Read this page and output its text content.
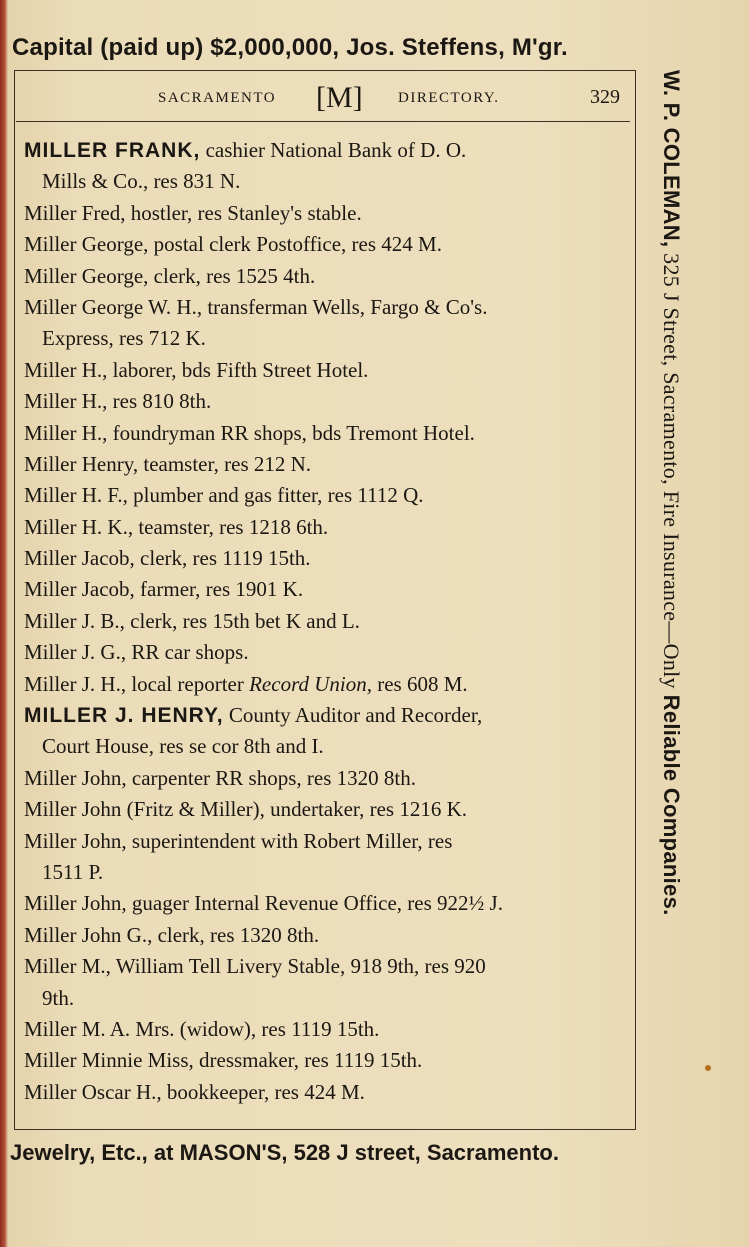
Capital (paid up) $2,000,000, Jos. Steffens, M'gr.
SACRAMENTO [M] DIRECTORY.	329
MILLER FRANK, cashier National Bank of D. O.
Mills & Co., res 831 N.
Miller Fred, hostler, res Stanley's stable.
Miller George, postal clerk Postoffice, res 424 M.
Miller George, clerk, res 1525 4th.
Miller George W. H., transferman Wells, Fargo & Co's.
Express, res 712 K.
Miller H., laborer, bds Fifth Street Hotel.
Miller H., res 810 8th.
Miller H., foundryman RR shops, bds Tremont Hotel.
Miller Henry, teamster, res 212 N.
Miller H. F., plumber and gas fitter, res 1112 Q.
Miller H. K., teamster, res 1218 6th.
Miller Jacob, clerk, res 1119 15th.
Miller Jacob, farmer, res 1901 K.
Miller J. B., clerk, res 15th bet K and L.
Miller J. G., RR car shops.
Miller J. H., local reporter Record Union, res 608 M.
MILLER J. HENRY, County Auditor and Recorder,
Court House, res se cor 8th and I.
Miller John, carpenter RR shops, res 1320 8th.
Miller John (Fritz & Miller), undertaker, res 1216 K.
Miller John, superintendent with Robert Miller, res
1511 P.
Miller John, guager Internal Revenue Office, res 922½ J.
Miller John G., clerk, res 1320 8th.
Miller M., William Tell Livery Stable, 918 9th, res 920
9th.
Miller M. A. Mrs. (widow), res 1119 15th.
Miller Minnie Miss, dressmaker, res 1119 15th.
Miller Oscar H., bookkeeper, res 424 M.
W. P. COLEMAN, 325 J Street, Sacramento, Fire Insurance—Only Reliable Companies.
Jewelry, Etc., at MASON'S, 528 J street, Sacramento.
